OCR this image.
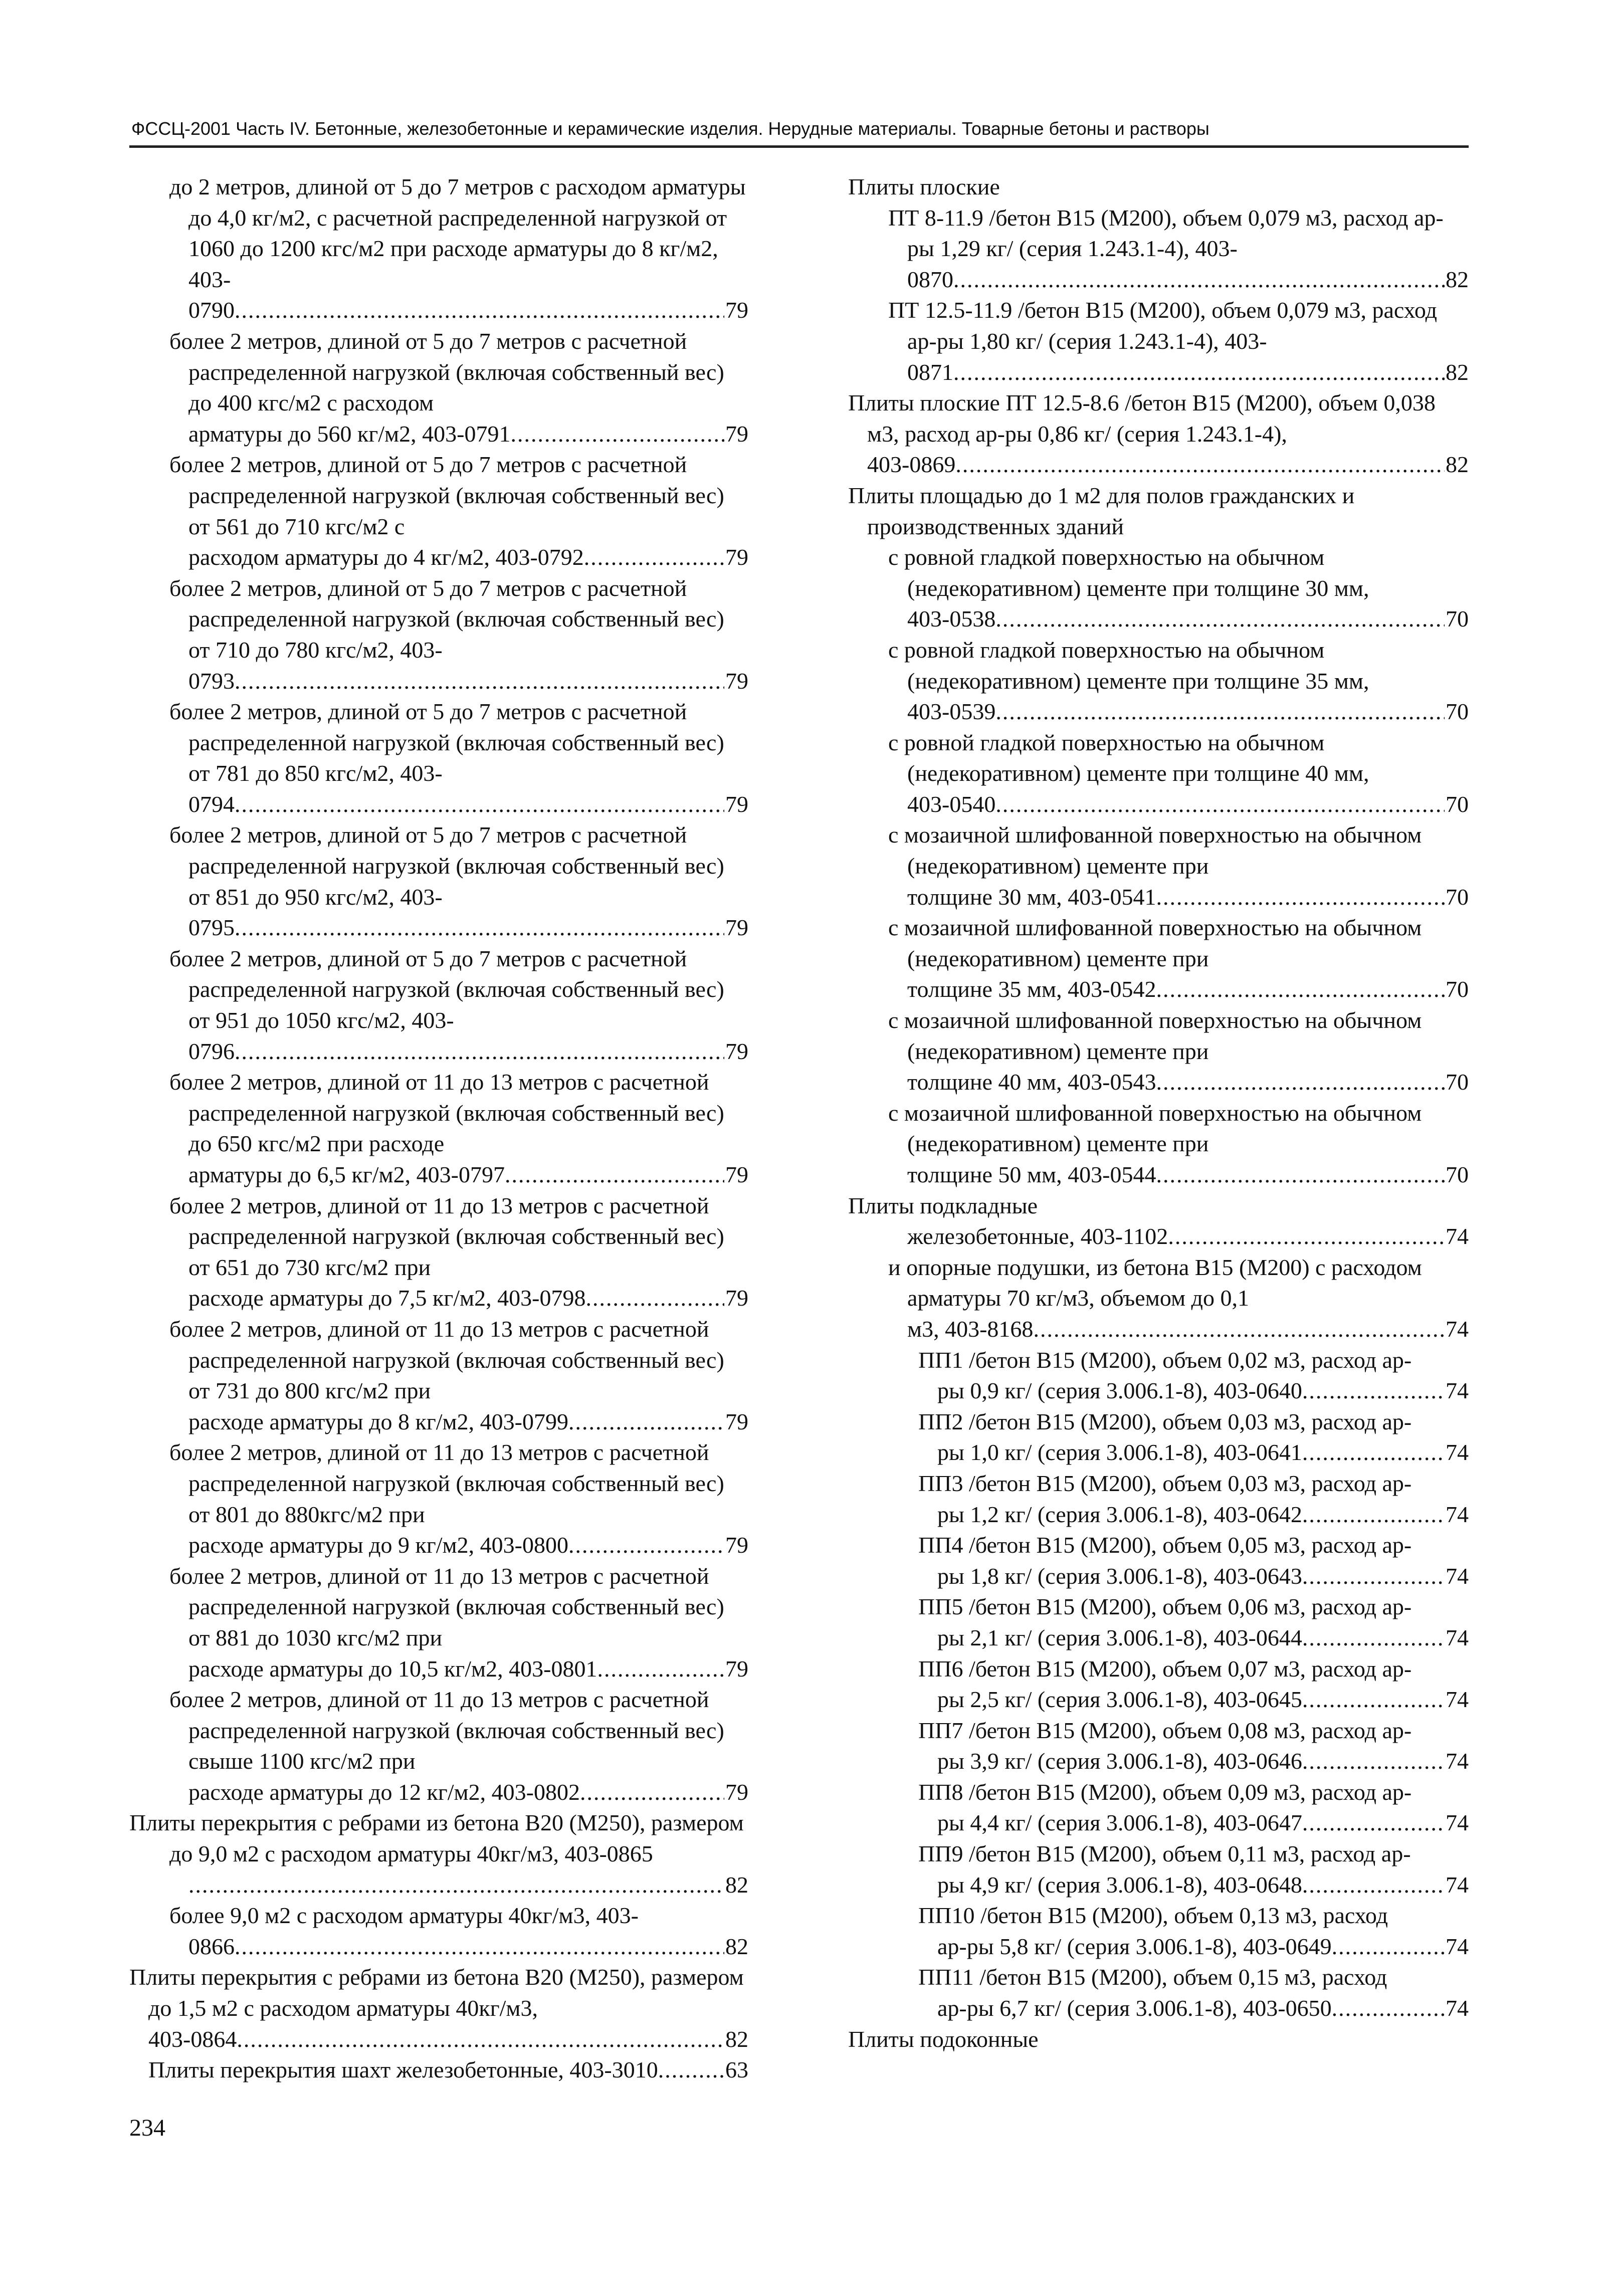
ФССЦ-2001 Часть IV. Бетонные, железобетонные и керамические изделия. Нерудные материалы. Товарные бетоны и растворы
до 2 метров, длиной от 5 до 7 метров с расходом арматуры до 4,0 кг/м2, с расчетной распределенной нагрузкой от 1060 до 1200 кгс/м2 при расходе арматуры до 8 кг/м2, 403-
0790 .....	79
более 2 метров, длиной от 5 до 7 метров с расчетной распределенной нагрузкой (включая собственный вес) до 400 кгс/м2 с расходом
арматуры до 560 кг/м2, 403-0791 .....	79
более 2 метров, длиной от 5 до 7 метров с расчетной распределенной нагрузкой (включая собственный вес) от 561 до 710 кгс/м2 с
расходом арматуры до 4 кг/м2, 403-0792 .....	79
более 2 метров, длиной от 5 до 7 метров с расчетной распределенной нагрузкой (включая собственный вес) от 710 до 780 кгс/м2, 403-
0793 .....	79
более 2 метров, длиной от 5 до 7 метров с расчетной распределенной нагрузкой (включая собственный вес) от 781 до 850 кгс/м2, 403-
0794 .....	79
более 2 метров, длиной от 5 до 7 метров с расчетной распределенной нагрузкой (включая собственный вес) от 851 до 950 кгс/м2, 403-
0795 .....	79
более 2 метров, длиной от 5 до 7 метров с расчетной распределенной нагрузкой (включая собственный вес) от 951 до 1050 кгс/м2, 403-
0796 .....	79
более 2 метров, длиной от 11 до 13 метров с расчетной распределенной нагрузкой (включая собственный вес) до 650 кгс/м2 при расходе
арматуры до 6,5 кг/м2, 403-0797 .....	79
более 2 метров, длиной от 11 до 13 метров с расчетной распределенной нагрузкой (включая собственный вес) от 651 до 730 кгс/м2 при
расходе арматуры до 7,5 кг/м2, 403-0798 .....	79
более 2 метров, длиной от 11 до 13 метров с расчетной распределенной нагрузкой (включая собственный вес) от 731 до 800 кгс/м2 при
расходе арматуры до 8 кг/м2, 403-0799 .....	79
более 2 метров, длиной от 11 до 13 метров с расчетной распределенной нагрузкой (включая собственный вес) от 801 до 880кгс/м2 при
расходе арматуры до 9 кг/м2, 403-0800 .....	79
более 2 метров, длиной от 11 до 13 метров с расчетной распределенной нагрузкой (включая собственный вес) от 881 до 1030 кгс/м2 при
расходе арматуры до 10,5 кг/м2, 403-0801 .....	79
более 2 метров, длиной от 11 до 13 метров с расчетной распределенной нагрузкой (включая собственный вес) свыше 1100 кгс/м2 при
расходе арматуры до 12 кг/м2, 403-0802 .....	79
Плиты перекрытия с ребрами из бетона В20 (М250), размером
до 9,0 м2 с расходом арматуры 40кг/м3, 403-0865
.....
82
более 9,0 м2 с расходом арматуры 40кг/м3, 403-
0866 .....	82
Плиты перекрытия с ребрами из бетона В20 (М250), размером до 1,5 м2 с расходом арматуры 40кг/м3,
403-0864 .....	82
Плиты перекрытия шахт железобетонные, 403-3010 .....	63
Плиты плоские
ПТ 8-11.9 /бетон В15 (М200), объем 0,079 м3, расход ар-ры 1,29 кг/ (серия 1.243.1-4), 403-
0870 .....	82
ПТ 12.5-11.9 /бетон В15 (М200), объем 0,079 м3, расход ар-ры 1,80 кг/ (серия 1.243.1-4), 403-
0871 .....	82
Плиты плоские ПТ 12.5-8.6 /бетон В15 (М200), объем 0,038 м3, расход ар-ры 0,86 кг/ (серия 1.243.1-4),
403-0869 .....	82
Плиты площадью до 1 м2 для полов гражданских и производственных зданий
с ровной гладкой поверхностью на обычном (недекоративном) цементе при толщине 30 мм,
403-0538 .....	70
с ровной гладкой поверхностью на обычном (недекоративном) цементе при толщине 35 мм,
403-0539 .....	70
с ровной гладкой поверхностью на обычном (недекоративном) цементе при толщине 40 мм,
403-0540 .....	70
с мозаичной шлифованной поверхностью на обычном (недекоративном) цементе при
толщине 30 мм, 403-0541 .....	70
с мозаичной шлифованной поверхностью на обычном (недекоративном) цементе при
толщине 35 мм, 403-0542 .....	70
с мозаичной шлифованной поверхностью на обычном (недекоративном) цементе при
толщине 40 мм, 403-0543 .....	70
с мозаичной шлифованной поверхностью на обычном (недекоративном) цементе при
толщине 50 мм, 403-0544 .....	70
Плиты подкладные
железобетонные, 403-1102 .....	74
и опорные подушки, из бетона В15 (М200) с расходом арматуры 70 кг/м3, объемом до 0,1
м3, 403-8168 .....	74
ПП1 /бетон В15 (М200), объем 0,02 м3, расход ар-
ры 0,9 кг/ (серия 3.006.1-8), 403-0640 .....	74
ПП2 /бетон В15 (М200), объем 0,03 м3, расход ар-
ры 1,0 кг/ (серия 3.006.1-8), 403-0641 .....	74
ПП3 /бетон В15 (М200), объем 0,03 м3, расход ар-
ры 1,2 кг/ (серия 3.006.1-8), 403-0642 .....	74
ПП4 /бетон В15 (М200), объем 0,05 м3, расход ар-
ры 1,8 кг/ (серия 3.006.1-8), 403-0643 .....	74
ПП5 /бетон В15 (М200), объем 0,06 м3, расход ар-
ры 2,1 кг/ (серия 3.006.1-8), 403-0644 .....	74
ПП6 /бетон В15 (М200), объем 0,07 м3, расход ар-
ры 2,5 кг/ (серия 3.006.1-8), 403-0645 .....	74
ПП7 /бетон В15 (М200), объем 0,08 м3, расход ар-
ры 3,9 кг/ (серия 3.006.1-8), 403-0646 .....	74
ПП8 /бетон В15 (М200), объем 0,09 м3, расход ар-
ры 4,4 кг/ (серия 3.006.1-8), 403-0647 .....	74
ПП9 /бетон В15 (М200), объем 0,11 м3, расход ар-
ры 4,9 кг/ (серия 3.006.1-8), 403-0648 .....	74
ПП10 /бетон В15 (М200), объем 0,13 м3, расход
ар-ры 5,8 кг/ (серия 3.006.1-8), 403-0649 .....	74
ПП11 /бетон В15 (М200), объем 0,15 м3, расход
ар-ры 6,7 кг/ (серия 3.006.1-8), 403-0650 .....	74
Плиты подоконные
234
